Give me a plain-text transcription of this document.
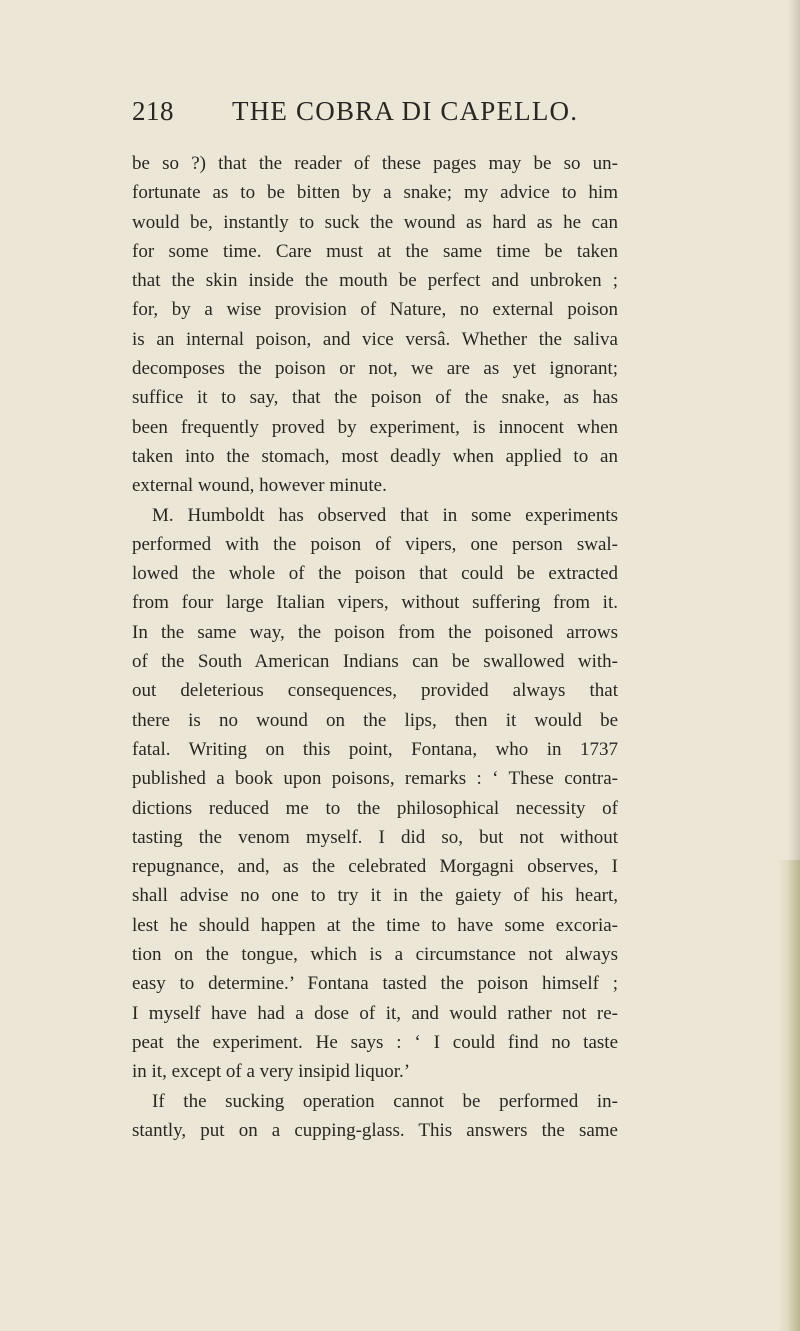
218 THE COBRA DI CAPELLO.
be so ?) that the reader of these pages may be so un-
fortunate as to be bitten by a snake; my advice to him
would be, instantly to suck the wound as hard as he can
for some time. Care must at the same time be taken
that the skin inside the mouth be perfect and unbroken ;
for, by a wise provision of Nature, no external poison
is an internal poison, and vice versâ. Whether the saliva
decomposes the poison or not, we are as yet ignorant;
suffice it to say, that the poison of the snake, as has
been frequently proved by experiment, is innocent when
taken into the stomach, most deadly when applied to an
external wound, however minute.
M. Humboldt has observed that in some experiments
performed with the poison of vipers, one person swal-
lowed the whole of the poison that could be extracted
from four large Italian vipers, without suffering from it.
In the same way, the poison from the poisoned arrows
of the South American Indians can be swallowed with-
out deleterious consequences, provided always that
there is no wound on the lips, then it would be
fatal. Writing on this point, Fontana, who in 1737
published a book upon poisons, remarks : ‘ These contra-
dictions reduced me to the philosophical necessity of
tasting the venom myself. I did so, but not without
repugnance, and, as the celebrated Morgagni observes, I
shall advise no one to try it in the gaiety of his heart,
lest he should happen at the time to have some excoria-
tion on the tongue, which is a circumstance not always
easy to determine.’ Fontana tasted the poison himself ;
I myself have had a dose of it, and would rather not re-
peat the experiment. He says : ‘ I could find no taste
in it, except of a very insipid liquor.’
If the sucking operation cannot be performed in-
stantly, put on a cupping-glass. This answers the same
